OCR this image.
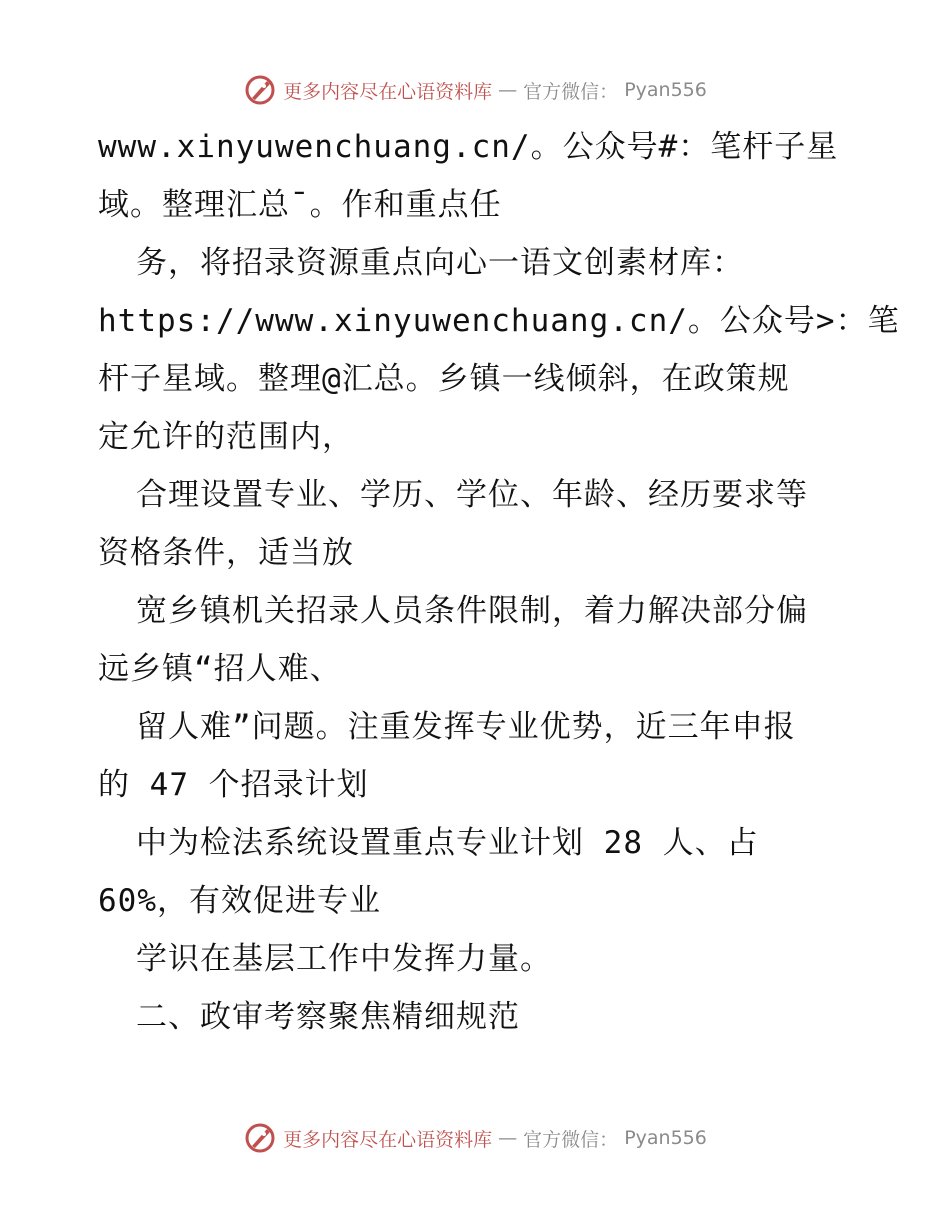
更多内容尽在心语资料库 — 官方微信： Pyan556
www.xinyuwenchuang.cn/。公众号#：笔杆子星
域。整理汇总¯。作和重点任
务，将招录资源重点向心一语文创素材库：
https://www.xinyuwenchuang.cn/。公众号>：笔
杆子星域。整理@汇总。乡镇一线倾斜，在政策规
定允许的范围内，
合理设置专业、学历、学位、年龄、经历要求等
资格条件，适当放
宽乡镇机关招录人员条件限制，着力解决部分偏
远乡镇“招人难、
留人难”问题。注重发挥专业优势，近三年申报
的 47 个招录计划
中为检法系统设置重点专业计划 28 人、占
60%，有效促进专业
学识在基层工作中发挥力量。
二、政审考察聚焦精细规范
更多内容尽在心语资料库 — 官方微信： Pyan556
